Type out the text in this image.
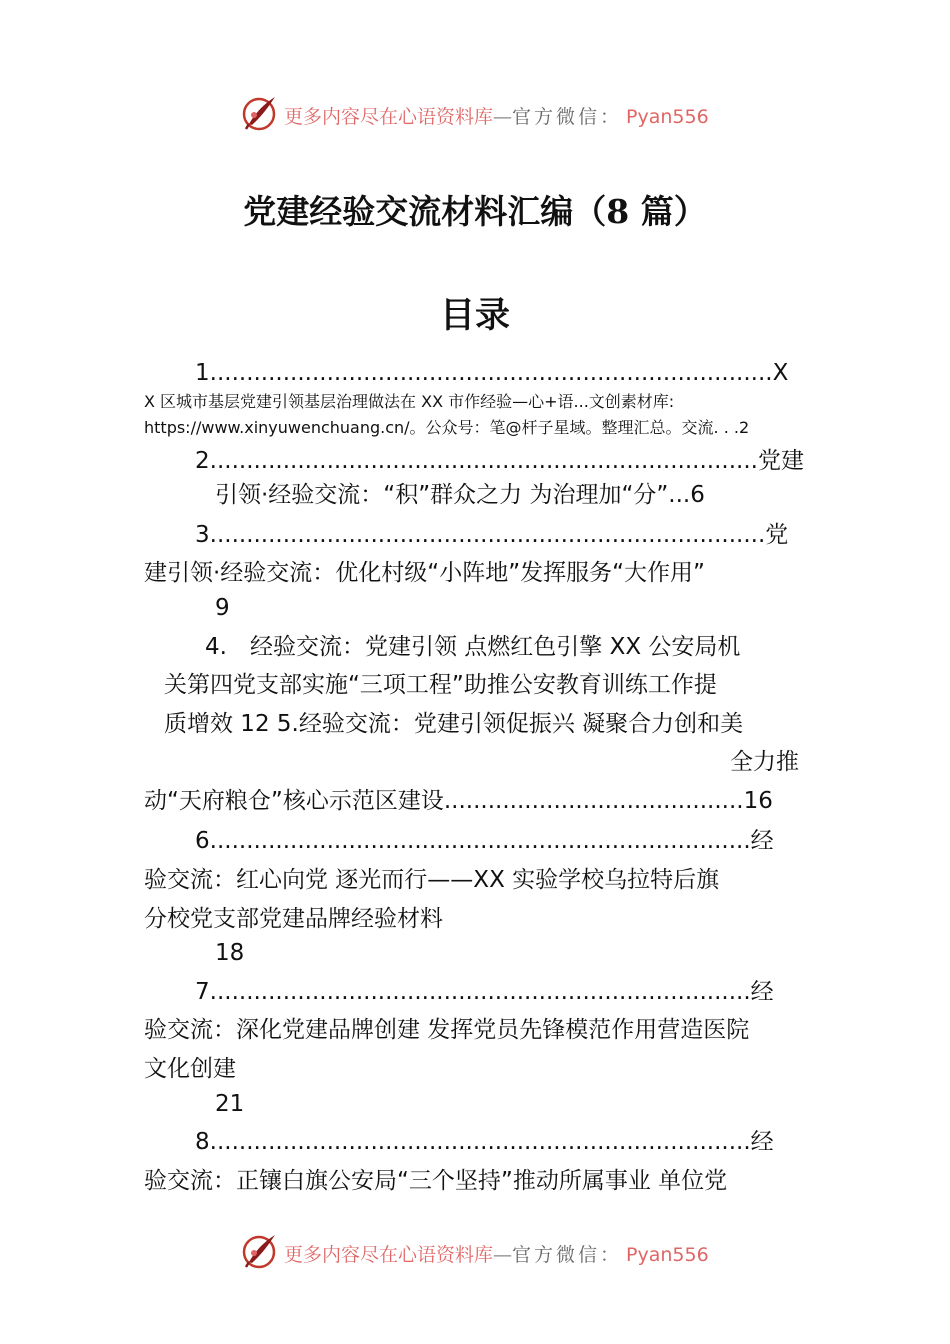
更多内容尽在心语资料库—官方微信： Pyan556
党建经验交流材料汇编（8 篇）
目录
1.............................................................................X
X 区城市基层党建引领基层治理做法在 XX 市作经验—心+语...文创素材库:
https://www.xinyuwenchuang.cn/。公众号：笔@杆子星域。整理汇总。交流. . .2
2...........................................................................党建
引领·经验交流：“积”群众之力 为治理加“分”...6
3............................................................................党
建引领·经验交流：优化村级“小阵地”发挥服务“大作用”
9
4.　经验交流：党建引领 点燃红色引擎 XX 公安局机
关第四党支部实施“三项工程”助推公安教育训练工作提
质增效 12 5.经验交流：党建引领促振兴 凝聚合力创和美
全力推
动“天府粮仓”核心示范区建设.........................................16
6..........................................................................经
验交流：红心向党 逐光而行——XX 实验学校乌拉特后旗
分校党支部党建品牌经验材料
18
7..........................................................................经
验交流：深化党建品牌创建 发挥党员先锋模范作用营造医院
文化创建
21
8..........................................................................经
验交流：正镶白旗公安局“三个坚持”推动所属事业 单位党
更多内容尽在心语资料库—官方微信： Pyan556
